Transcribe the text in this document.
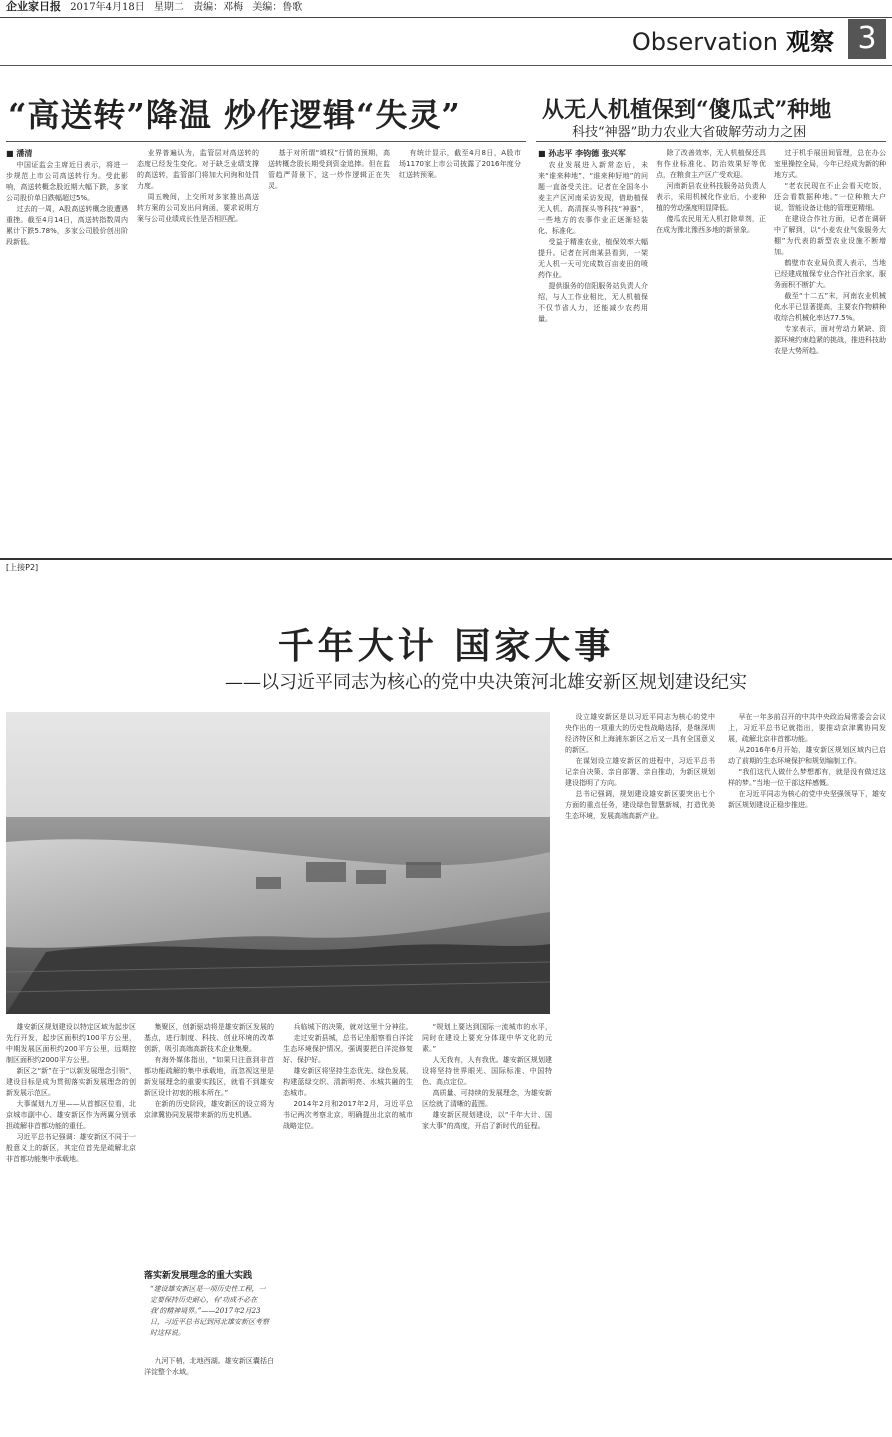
企业家日报 2017年4月18日 星期二 责编：邓梅 美编：鲁歌
Observation 观察 3
“高送转”降温 炒作逻辑“失灵”
■ 潘清

中国证监会主席近日表示，将进一步规范上市公司高送转行为。受此影响，高送转概念股近期大幅下跌，多家公司股价单日跌幅超过5%。

过去的一周，A股高送转概念股遭遇重挫。截至4月14日，高送转指数周内累计下跌5.78%，多家公司股价创出阶段新低。

业界普遍认为，监管层对高送转的态度已经发生变化。对于缺乏业绩支撑的高送转，监管部门将加大问询和处罚力度。

周五晚间，上交所对多家推出高送转方案的公司发出问询函，要求说明方案与公司业绩成长性是否相匹配。

基于对所谓“填权”行情的预期，高送转概念股长期受到资金追捧。但在监管趋严背景下，这一炒作逻辑正在失灵。

有统计显示，截至4月8日，A股市场1170家上市公司披露了2016年度分红送转预案。

从无人机植保到“傻瓜式”种地
科技“神器”助力农业大省破解劳动力之困
■ 孙志平 李钧德 张兴军

农业发展进入新常态后，未来“谁来种地”、“谁来种好地”的问题一直备受关注。记者在全国冬小麦主产区河南采访发现，借助植保无人机、高清探头等科技“神器”，一些地方的农事作业正逐渐轻装化、标准化。

受益于精准农业，植保效率大幅提升。记者在河南某县看到，一架无人机一天可完成数百亩麦田的喷药作业。

提供服务的信阳服务站负责人介绍，与人工作业相比，无人机植保不仅节省人力，还能减少农药用量。

除了改善效率，无人机植保还具有作业标准化、防治效果好等优点，在粮食主产区广受欢迎。

河南新县农业科技服务站负责人表示，采用机械化作业后，小麦种植的劳动强度明显降低。

傻瓜农民用无人机打除草剂，正在成为豫北豫西多地的新景象。

过于机手展田间管理，总在办公室里操控全局，今年已经成为新的种地方式。

“老农民现在不止会看天吃饭，还会看数据种地。”一位种粮大户说，智能设备让他的管理更精细。

在建设合作社方面，记者在调研中了解到，以“小麦农业气象服务大棚”为代表的新型农业设施不断增加。

鹤壁市农业局负责人表示，当地已经建成植保专业合作社百余家，服务面积不断扩大。

截至“十二五”末，河南农业机械化水平已显著提高，主要农作物耕种收综合机械化率达77.5%。

专家表示，面对劳动力紧缺、资源环境约束趋紧的挑战，推进科技助农是大势所趋。

[上接P2]
千年大计 国家大事
——以习近平同志为核心的党中央决策河北雄安新区规划建设纪实

设立雄安新区是以习近平同志为核心的党中央作出的一项重大的历史性战略选择，是继深圳经济特区和上海浦东新区之后又一具有全国意义的新区。

在谋划设立雄安新区的进程中，习近平总书记亲自决策、亲自部署、亲自推动，为新区规划建设指明了方向。

总书记强调，规划建设雄安新区要突出七个方面的重点任务，建设绿色智慧新城，打造优美生态环境，发展高端高新产业。

早在一年多前召开的中共中央政治局常委会会议上，习近平总书记就指出，要推动京津冀协同发展，疏解北京非首都功能。

从2016年6月开始，雄安新区规划区域内已启动了前期的生态环境保护和规划编制工作。

“我们这代人做什么梦想都有，就是没有做过这样的梦。”当地一位干部这样感慨。

在习近平同志为核心的党中央坚强领导下，雄安新区规划建设正稳步推进。

雄安新区规划建设以特定区域为起步区先行开发，起步区面积约100平方公里，中期发展区面积约200平方公里，远期控制区面积约2000平方公里。

新区之“新”在于“以新发展理念引领”，建设目标是成为贯彻落实新发展理念的创新发展示范区。

大事谋划九万里——从首都区位看，北京城市副中心、雄安新区作为两翼分别承担疏解非首都功能的重任。

习近平总书记强调：雄安新区不同于一般意义上的新区，其定位首先是疏解北京非首都功能集中承载地。

集聚区，创新驱动将是雄安新区发展的基点，进行制度、科技、创业环境的改革创新，吸引高端高新技术企业集聚。

有海外媒体指出，“如果只注意到非首都功能疏解的集中承载地，而忽视这里是新发展理念的重要实践区，就看不到雄安新区设计初衷的根本所在。”

在新的历史阶段，雄安新区的设立将为京津冀协同发展带来新的历史机遇。

落实新发展理念的重大实践
“建设雄安新区是一项历史性工程，一定要保持历史耐心，有‘功成不必在我’的精神境界。”——2017年2月23日，习近平总书记到河北雄安新区考察时这样说。

九河下梢，北地西湖。雄安新区囊括白洋淀整个水域。

兵临城下的决策，就对这里十分神往。

走过安新县城，总书记坐船察看白洋淀生态环境保护情况，强调要把白洋淀修复好、保护好。

雄安新区将坚持生态优先、绿色发展，构建蓝绿交织、清新明亮、水城共融的生态城市。

2014年2月和2017年2月，习近平总书记两次考察北京，明确提出北京的城市战略定位。

“规划上要达到国际一流城市的水平，同时在建设上要充分体现中华文化的元素。”

人无我有，人有我优。雄安新区规划建设将坚持世界眼光、国际标准、中国特色、高点定位。

高质量、可持续的发展理念，为雄安新区绘就了清晰的蓝图。

雄安新区规划建设，以“千年大计、国家大事”的高度，开启了新时代的征程。
